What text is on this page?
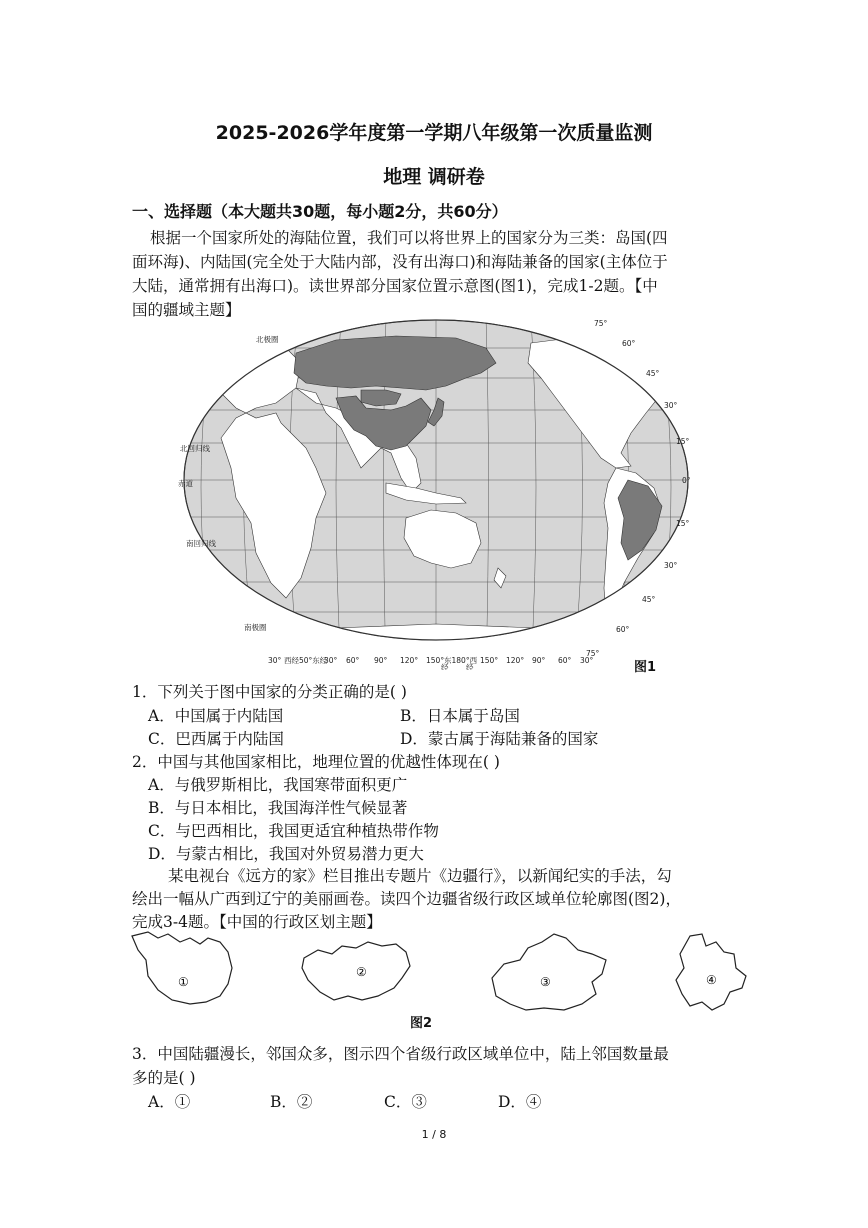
2025-2026学年度第一学期八年级第一次质量监测
地理 调研卷
一、选择题（本大题共30题，每小题2分，共60分）
根据一个国家所处的海陆位置，我们可以将世界上的国家分为三类：岛国(四
面环海)、内陆国(完全处于大陆内部，没有出海口)和海陆兼备的国家(主体位于
大陆，通常拥有出海口)。读世界部分国家位置示意图(图1)，完成1-2题。【中
国的疆域主题】
北极圈
北回归线
赤道
南回归线
南极圈
75°
60°
45°
30°
15°
0°
15°
30°
45°
60°
75°
30° 西经50°东经
30° 60° 90° 120° 150° 东180°西 150° 120° 90° 60° 30°
经 经	图1
1．下列关于图中国家的分类正确的是( )
A．中国属于内陆国	B．日本属于岛国
C．巴西属于内陆国	D．蒙古属于海陆兼备的国家
2．中国与其他国家相比，地理位置的优越性体现在( )
A．与俄罗斯相比，我国寒带面积更广
B．与日本相比，我国海洋性气候显著
C．与巴西相比，我国更适宜种植热带作物
D．与蒙古相比，我国对外贸易潜力更大
某电视台《远方的家》栏目推出专题片《边疆行》，以新闻纪实的手法，勾
绘出一幅从广西到辽宁的美丽画卷。读四个边疆省级行政区域单位轮廓图(图2)，
完成3-4题。【中国的行政区划主题】
①
②
③	④
图2
3．中国陆疆漫长，邻国众多，图示四个省级行政区域单位中，陆上邻国数量最
多的是( )
A．①	B．②	C．③	D．④
1 / 8
